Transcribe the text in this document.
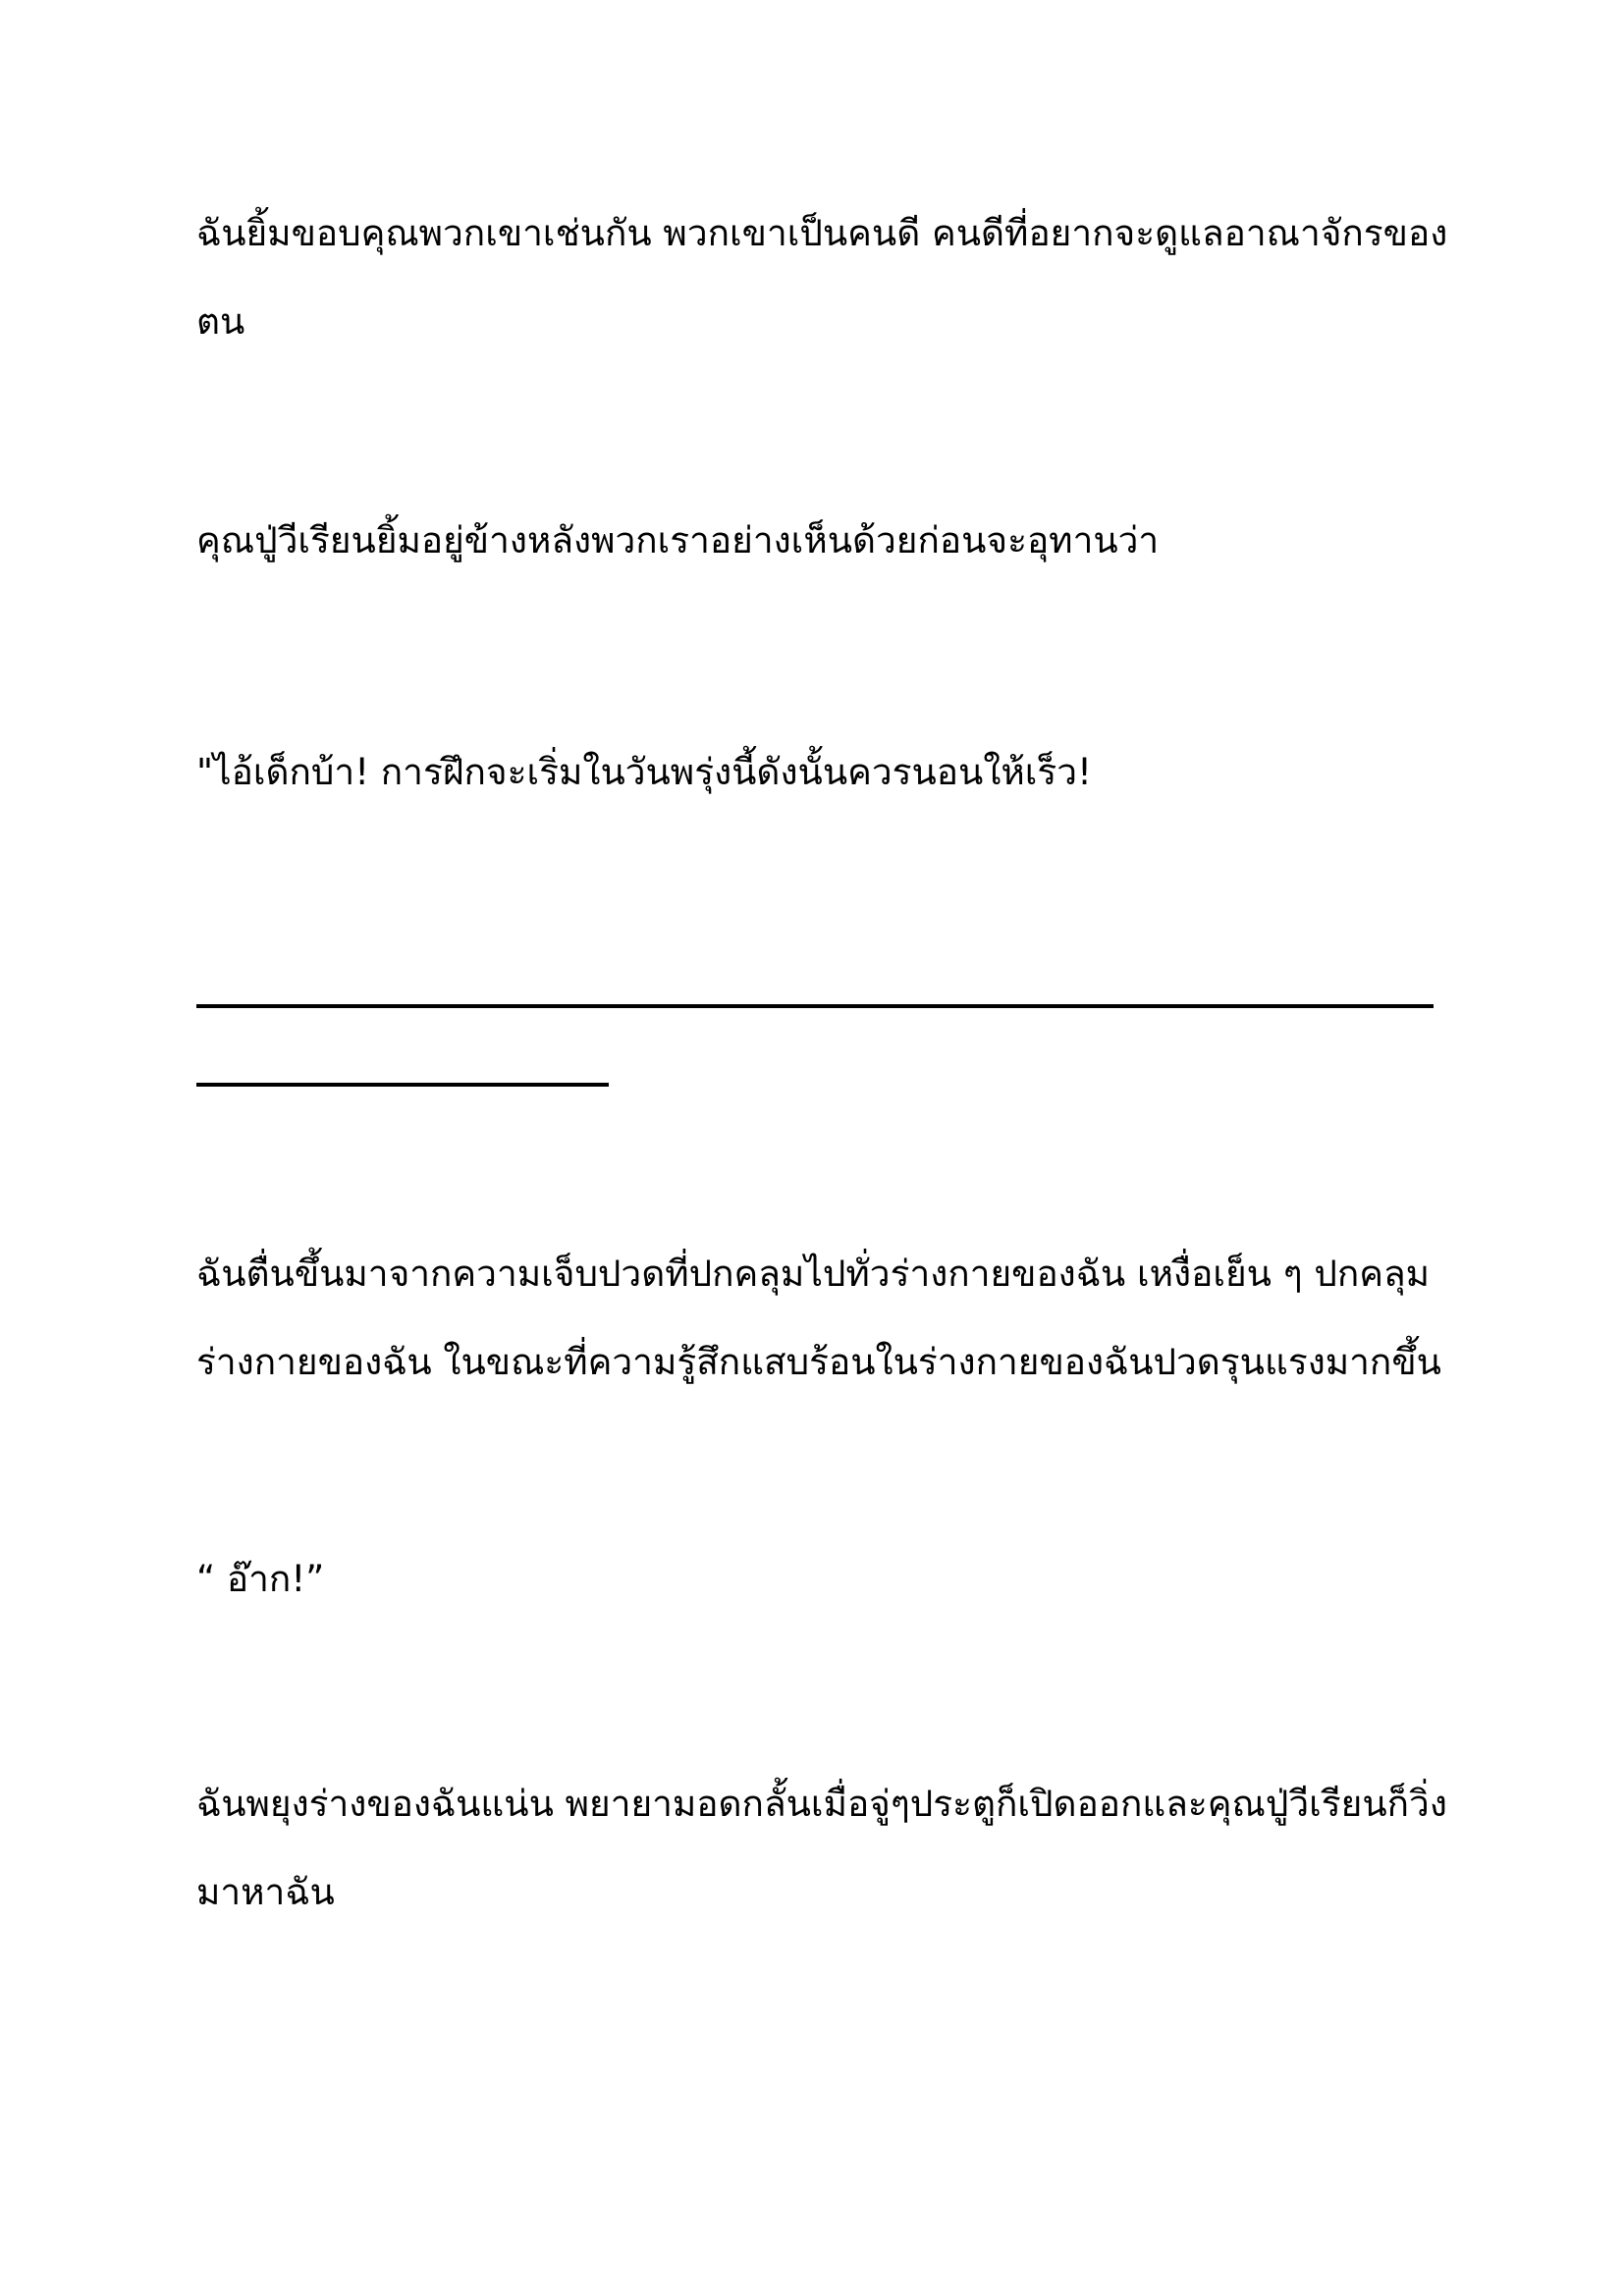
ฉันยิ้มขอบคุณพวกเขาเช่นกัน พวกเขาเป็นคนดี คนดีที่อยากจะดูแลอาณาจักรของ
ตน
คุณปู่วีเรียนยิ้มอยู่ข้างหลังพวกเราอย่างเห็นด้วยก่อนจะอุทานว่า
"ไอ้เด็กบ้า! การฝึกจะเริ่มในวันพรุ่งนี้ดังนั้นควรนอนให้เร็ว!
ฉันตื่นขึ้นมาจากความเจ็บปวดที่ปกคลุมไปทั่วร่างกายของฉัน เหงื่อเย็น ๆ ปกคลุม
ร่างกายของฉัน ในขณะที่ความรู้สึกแสบร้อนในร่างกายของฉันปวดรุนแรงมากขึ้น
“ อ๊าก!”
ฉันพยุงร่างของฉันแน่น พยายามอดกลั้นเมื่อจู่ๆประตูก็เปิดออกและคุณปู่วีเรียนก็วิ่ง
มาหาฉัน
